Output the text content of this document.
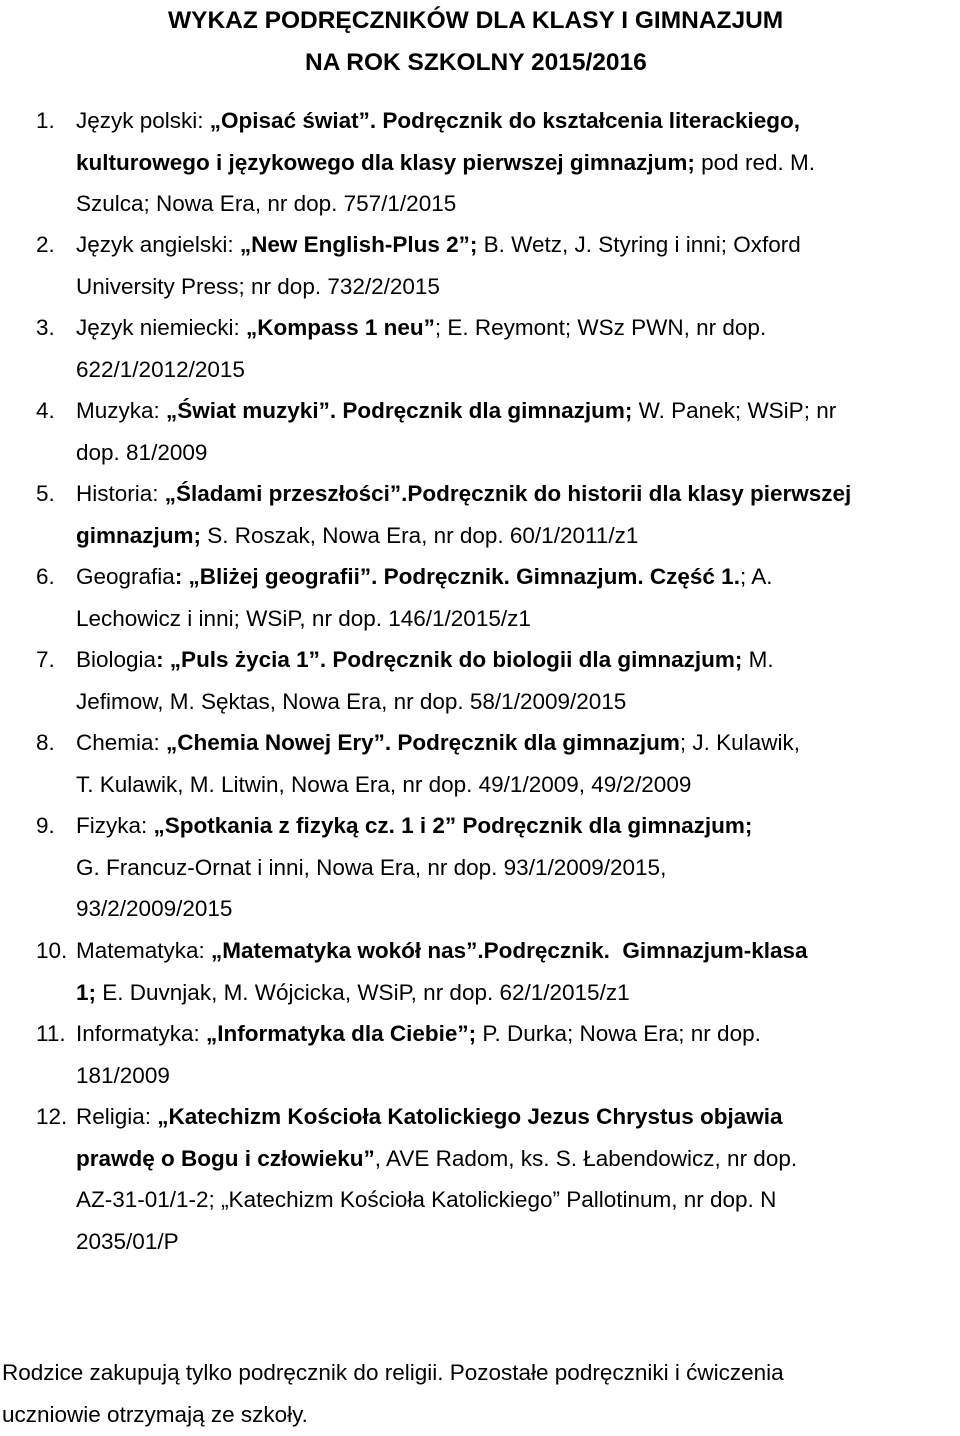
WYKAZ PODRĘCZNIKÓW DLA KLASY I GIMNAZJUM
NA ROK SZKOLNY 2015/2016
1. Język polski: „Opisać świat”. Podręcznik do kształcenia literackiego,
kulturowego i językowego dla klasy pierwszej gimnazjum; pod red. M.
Szulca; Nowa Era, nr dop. 757/1/2015
2. Język angielski: „New English-Plus 2”; B. Wetz, J. Styring i inni; Oxford
University Press; nr dop. 732/2/2015
3. Język niemiecki: „Kompass 1 neu”; E. Reymont; WSz PWN, nr dop.
622/1/2012/2015
4. Muzyka: „Świat muzyki”. Podręcznik dla gimnazjum; W. Panek; WSiP; nr
dop. 81/2009
5. Historia: „Śladami przeszłości”.Podręcznik do historii dla klasy pierwszej
gimnazjum; S. Roszak, Nowa Era, nr dop. 60/1/2011/z1
6. Geografia: „Bliżej geografii”. Podręcznik. Gimnazjum. Część 1.; A.
Lechowicz i inni; WSiP, nr dop. 146/1/2015/z1
7. Biologia: „Puls życia 1”. Podręcznik do biologii dla gimnazjum; M.
Jefimow, M. Sęktas, Nowa Era, nr dop. 58/1/2009/2015
8. Chemia: „Chemia Nowej Ery”. Podręcznik dla gimnazjum; J. Kulawik,
T. Kulawik, M. Litwin, Nowa Era, nr dop. 49/1/2009, 49/2/2009
9. Fizyka: „Spotkania z fizyką cz. 1 i 2” Podręcznik dla gimnazjum;
G. Francuz-Ornat i inni, Nowa Era, nr dop. 93/1/2009/2015,
93/2/2009/2015
10. Matematyka: „Matematyka wokół nas”.Podręcznik.  Gimnazjum-klasa
1; E. Duvnjak, M. Wójcicka, WSiP, nr dop. 62/1/2015/z1
11. Informatyka: „Informatyka dla Ciebie”; P. Durka; Nowa Era; nr dop.
181/2009
12. Religia: „Katechizm Kościoła Katolickiego Jezus Chrystus objawia
prawdę o Bogu i człowieku”, AVE Radom, ks. S. Łabendowicz, nr dop.
AZ-31-01/1-2; „Katechizm Kościoła Katolickiego” Pallotinum, nr dop. N
2035/01/P
Rodzice zakupują tylko podręcznik do religii. Pozostałe podręczniki i ćwiczenia
uczniowie otrzymają ze szkoły.
